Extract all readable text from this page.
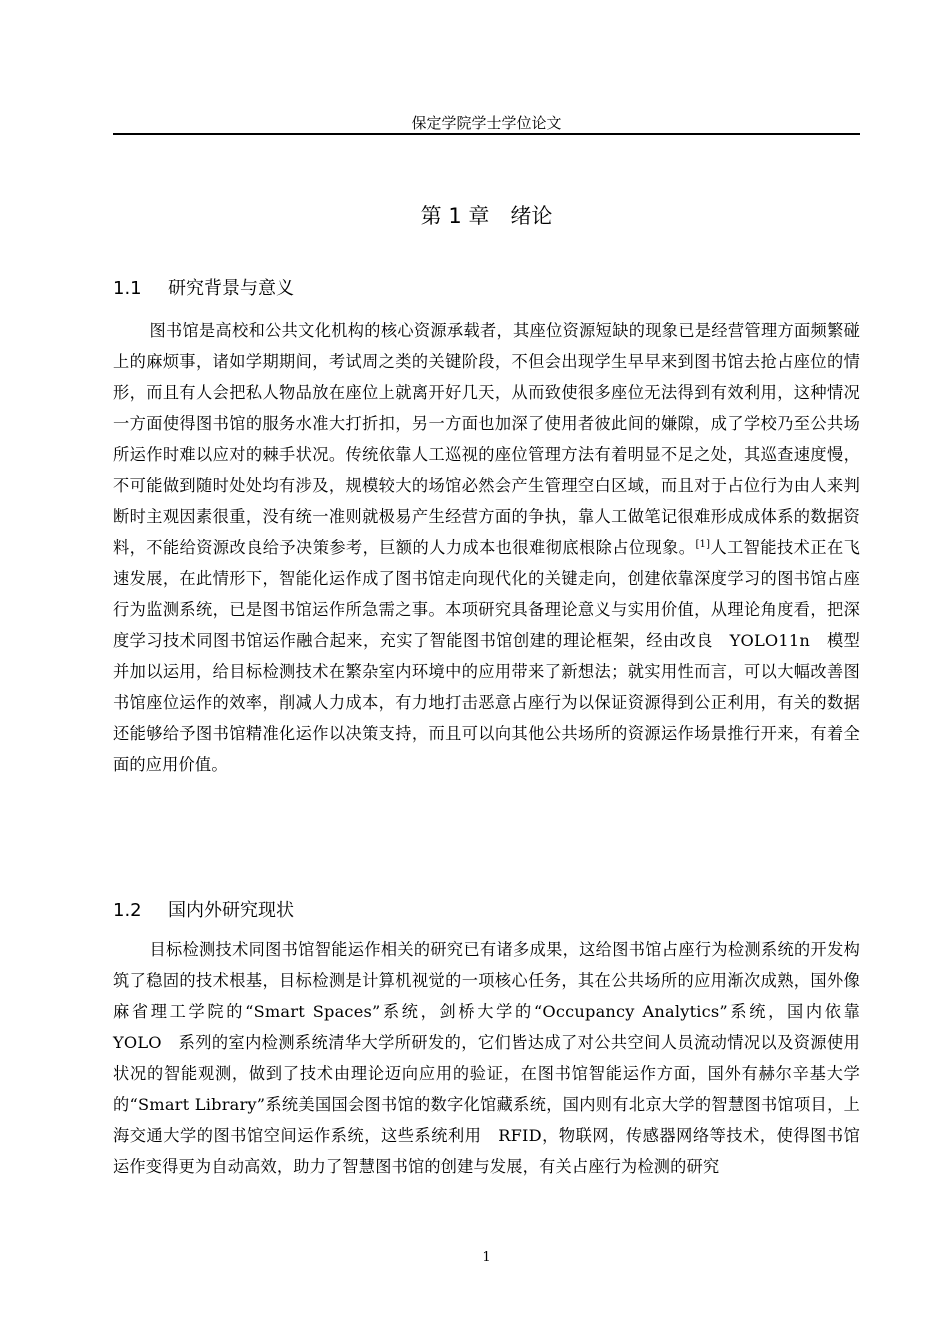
保定学院学士学位论文
第 1 章　绪论
1.1 研究背景与意义

图书馆是高校和公共文化机构的核心资源承载者，其座位资源短缺的现象已是经营管理方面频繁碰上的麻烦事，诸如学期期间，考试周之类的关键阶段，不但会出现学生早早来到图书馆去抢占座位的情形，而且有人会把私人物品放在座位上就离开好几天，从而致使很多座位无法得到有效利用，这种情况一方面使得图书馆的服务水准大打折扣，另一方面也加深了使用者彼此间的嫌隙，成了学校乃至公共场所运作时难以应对的棘手状况。传统依靠人工巡视的座位管理方法有着明显不足之处，其巡查速度慢，不可能做到随时处处均有涉及，规模较大的场馆必然会产生管理空白区域，而且对于占位行为由人来判断时主观因素很重，没有统一准则就极易产生经营方面的争执，靠人工做笔记很难形成成体系的数据资料，不能给资源改良给予决策参考，巨额的人力成本也很难彻底根除占位现象。[1]人工智能技术正在飞速发展，在此情形下，智能化运作成了图书馆走向现代化的关键走向，创建依靠深度学习的图书馆占座行为监测系统，已是图书馆运作所急需之事。本项研究具备理论意义与实用价值，从理论角度看，把深度学习技术同图书馆运作融合起来，充实了智能图书馆创建的理论框架，经由改良　YOLO11n　模型并加以运用，给目标检测技术在繁杂室内环境中的应用带来了新想法；就实用性而言，可以大幅改善图书馆座位运作的效率，削减人力成本，有力地打击恶意占座行为以保证资源得到公正利用，有关的数据还能够给予图书馆精准化运作以决策支持，而且可以向其他公共场所的资源运作场景推行开来，有着全面的应用价值。

1.2 国内外研究现状

目标检测技术同图书馆智能运作相关的研究已有诸多成果，这给图书馆占座行为检测系统的开发构筑了稳固的技术根基，目标检测是计算机视觉的一项核心任务，其在公共场所的应用渐次成熟，国外像麻省理工学院的“Smart Spaces”系统，剑桥大学的“Occupancy Analytics”系统，国内依靠　YOLO　系列的室内检测系统清华大学所研发的，它们皆达成了对公共空间人员流动情况以及资源使用状况的智能观测，做到了技术由理论迈向应用的验证，在图书馆智能运作方面，国外有赫尔辛基大学的“Smart Library”系统美国国会图书馆的数字化馆藏系统，国内则有北京大学的智慧图书馆项目，上海交通大学的图书馆空间运作系统，这些系统利用　RFID，物联网，传感器网络等技术，使得图书馆运作变得更为自动高效，助力了智慧图书馆的创建与发展，有关占座行为检测的研究

1
